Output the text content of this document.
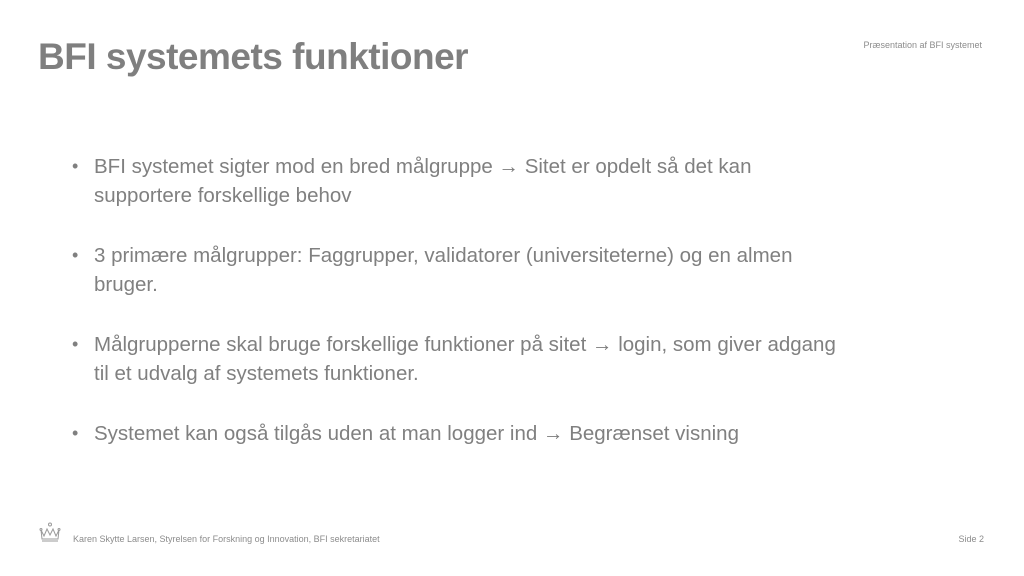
BFI systemets funktioner	Præsentation af BFI systemet
• BFI systemet sigter mod en bred målgruppe → Sitet er opdelt så det kan supportere forskellige behov
• 3 primære målgrupper: Faggrupper, validatorer (universiteterne) og en almen bruger.
• Målgrupperne skal bruge forskellige funktioner på sitet → login, som giver adgang til et udvalg af systemets funktioner.
• Systemet kan også tilgås uden at man logger ind → Begrænset visning
Karen Skytte Larsen, Styrelsen for Forskning og Innovation, BFI sekretariatet	Side 2
